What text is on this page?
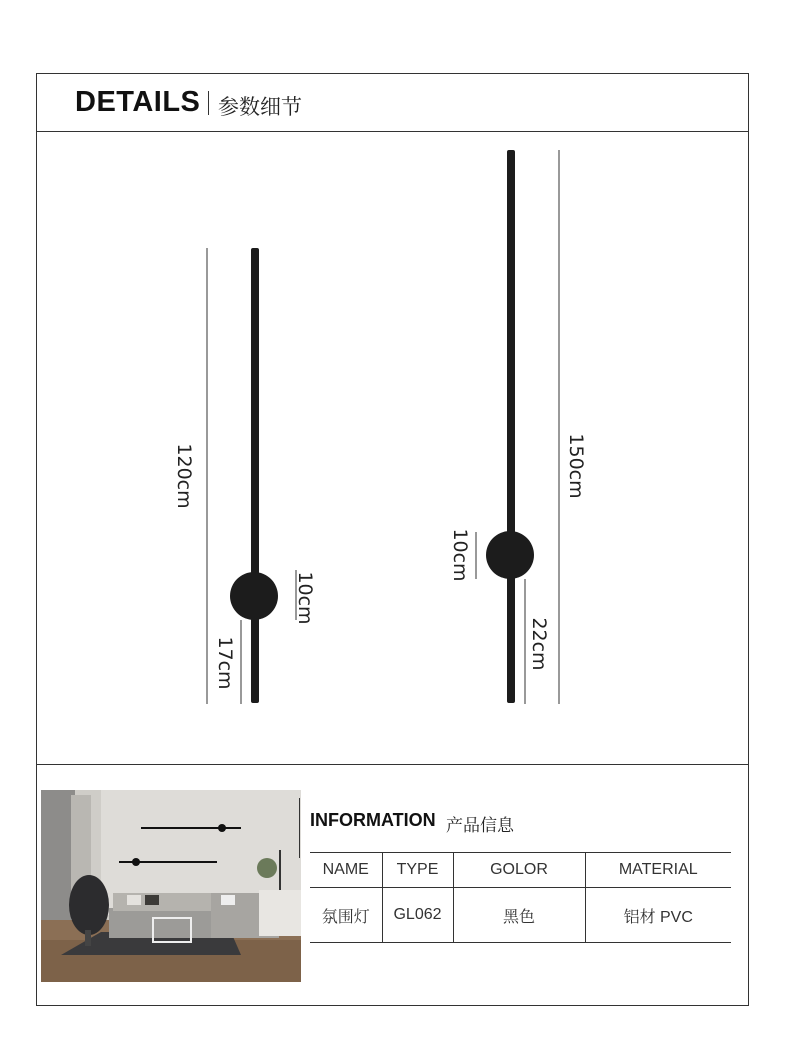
DETAILS 参数细节
120cm
10cm
17cm
150cm
10cm
22cm
INFORMATION 产品信息
NAME	TYPE	GOLOR	MATERIAL
氛围灯	GL062	黑色	铝材 PVC
